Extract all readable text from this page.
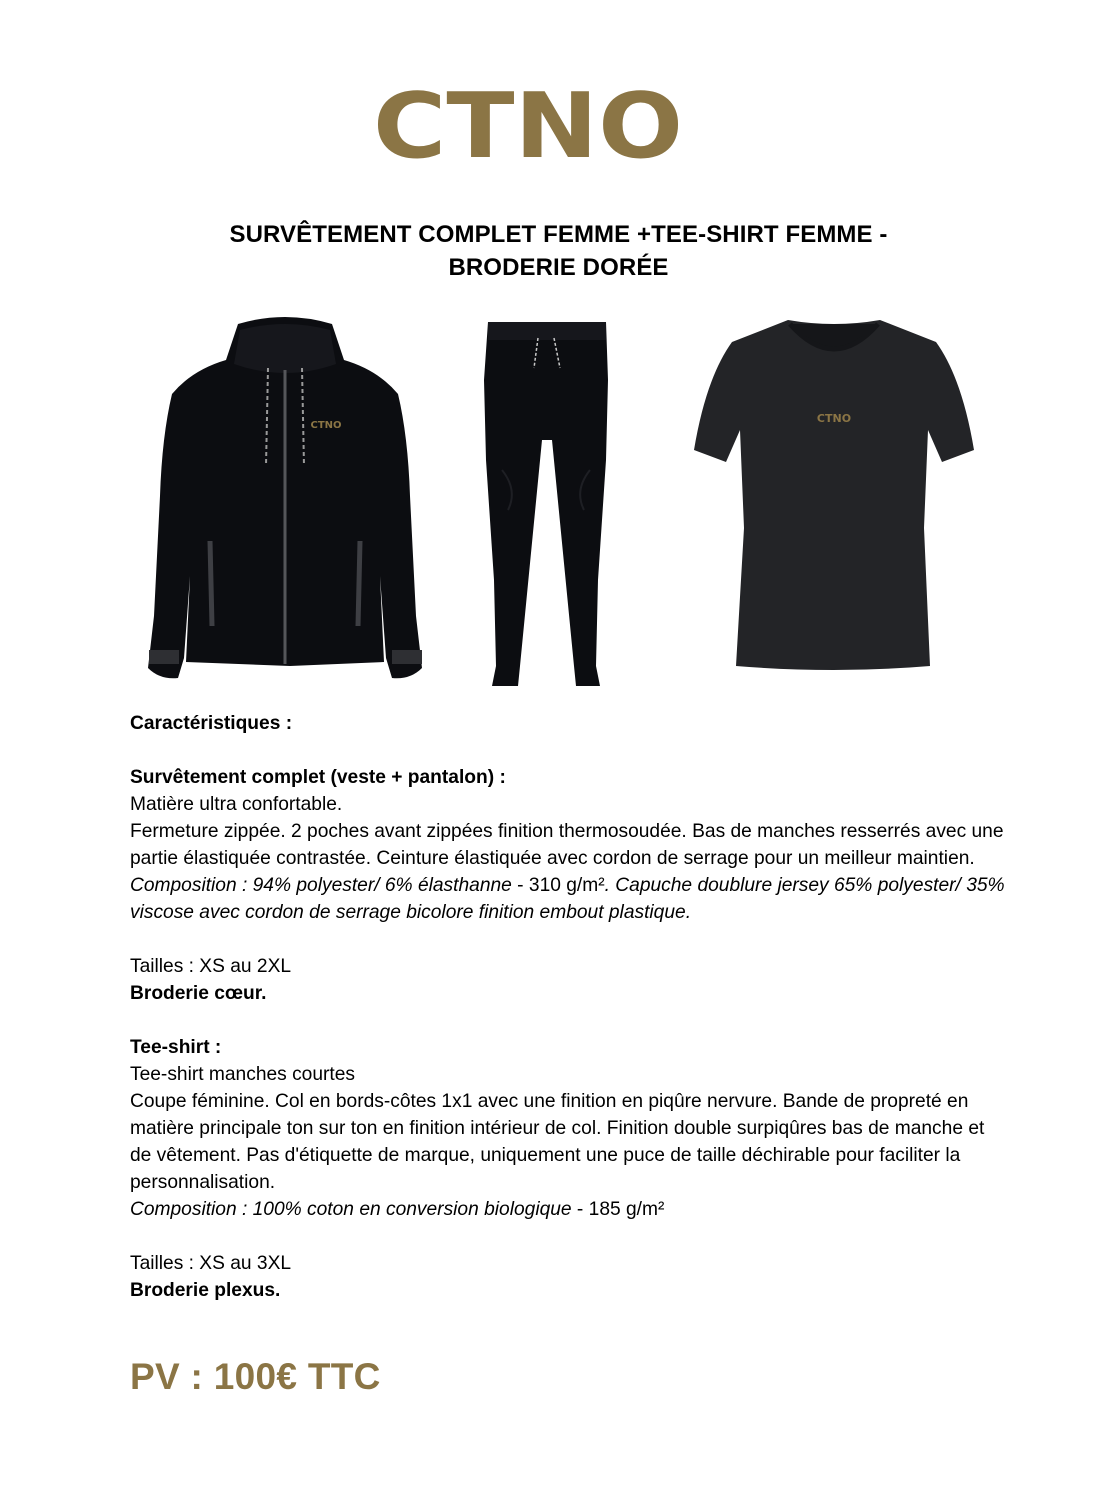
CTNO
SURVÊTEMENT COMPLET FEMME +TEE-SHIRT FEMME -
BRODERIE DORÉE
CTNO
CTNO

Caractéristiques :

Survêtement complet (veste + pantalon) :

Matière ultra confortable.

Fermeture zippée. 2 poches avant zippées finition thermosoudée. Bas de manches resserrés avec une partie élastiquée contrastée. Ceinture élastiquée avec cordon de serrage pour un meilleur maintien.

Composition : 94% polyester/ 6% élasthanne - 310 g/m². Capuche doublure jersey 65% polyester/ 35% viscose avec cordon de serrage bicolore finition embout plastique.

Tailles : XS au 2XL

Broderie cœur.

Tee-shirt :

Tee-shirt manches courtes

Coupe féminine. Col en bords-côtes 1x1 avec une finition en piqûre nervure. Bande de propreté en matière principale ton sur ton en finition intérieur de col. Finition double surpiqûres bas de manche et de vêtement. Pas d'étiquette de marque, uniquement une puce de taille déchirable pour faciliter la personnalisation.

Composition : 100% coton en conversion biologique - 185 g/m²

Tailles : XS au 3XL

Broderie plexus.

PV : 100€ TTC
